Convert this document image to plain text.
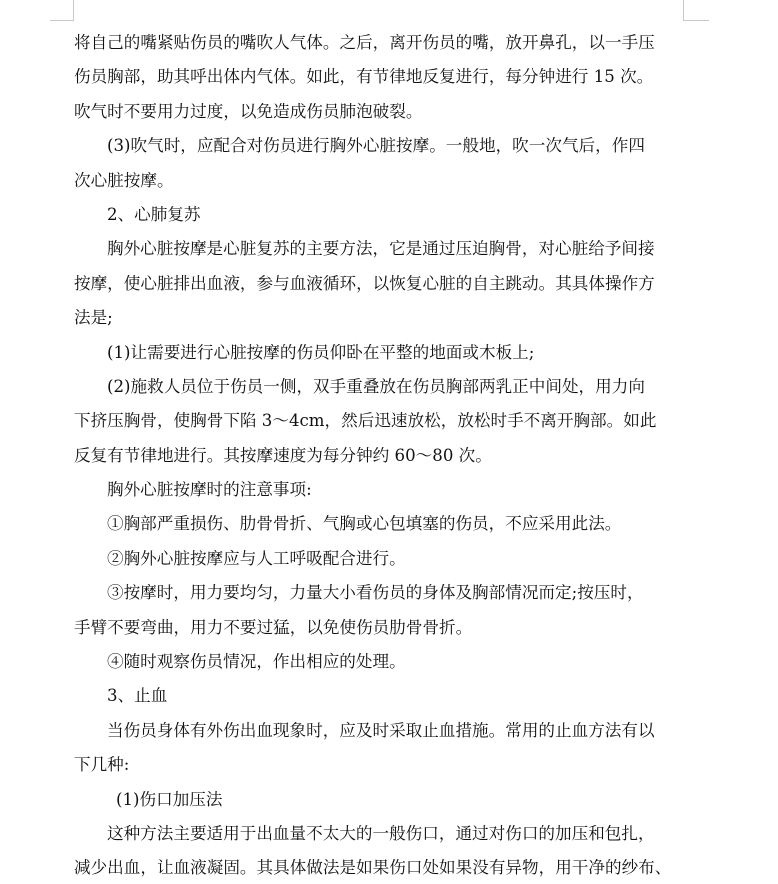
将自己的嘴紧贴伤员的嘴吹人气体。之后，离开伤员的嘴，放开鼻孔，以一手压
伤员胸部，助其呼出体内气体。如此，有节律地反复进行，每分钟进行 15 次。
吹气时不要用力过度，以免造成伤员肺泡破裂。
(3)吹气时，应配合对伤员进行胸外心脏按摩。一般地，吹一次气后，作四
次心脏按摩。
2、心肺复苏
胸外心脏按摩是心脏复苏的主要方法，它是通过压迫胸骨，对心脏给予间接
按摩，使心脏排出血液，参与血液循环，以恢复心脏的自主跳动。其具体操作方
法是;
(1)让需要进行心脏按摩的伤员仰卧在平整的地面或木板上;
(2)施救人员位于伤员一侧，双手重叠放在伤员胸部两乳正中间处，用力向
下挤压胸骨，使胸骨下陷 3～4cm，然后迅速放松，放松时手不离开胸部。如此
反复有节律地进行。其按摩速度为每分钟约 60～80 次。
胸外心脏按摩时的注意事项:
①胸部严重损伤、肋骨骨折、气胸或心包填塞的伤员，不应采用此法。
②胸外心脏按摩应与人工呼吸配合进行。
③按摩时，用力要均匀，力量大小看伤员的身体及胸部情况而定;按压时，
手臂不要弯曲，用力不要过猛，以免使伤员肋骨骨折。
④随时观察伤员情况，作出相应的处理。
3、止血
当伤员身体有外伤出血现象时，应及时采取止血措施。常用的止血方法有以
下几种:
(1)伤口加压法
这种方法主要适用于出血量不太大的一般伤口，通过对伤口的加压和包扎，
减少出血，让血液凝固。其具体做法是如果伤口处如果没有异物，用干净的纱布、
